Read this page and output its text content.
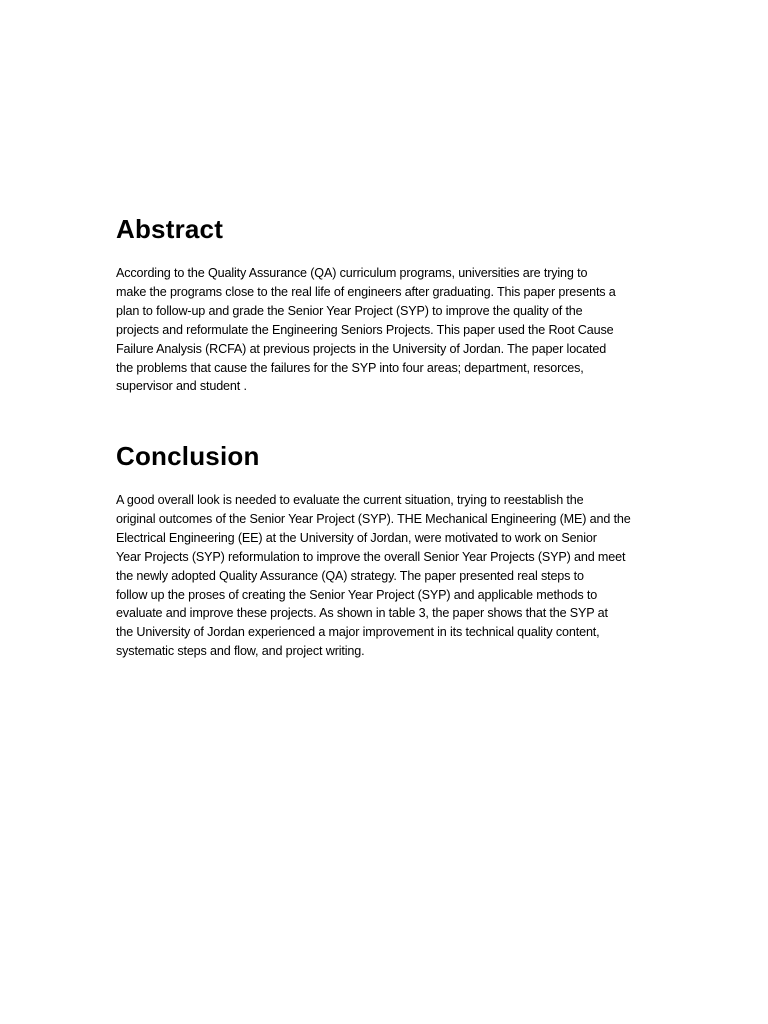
Abstract

According to the Quality Assurance (QA) curriculum programs, universities are trying to
make the programs close to the real life of engineers after graduating. This paper presents a
plan to follow-up and grade the Senior Year Project (SYP) to improve the quality of the
projects and reformulate the Engineering Seniors Projects. This paper used the Root Cause
Failure Analysis (RCFA) at previous projects in the University of Jordan. The paper located
the problems that cause the failures for the SYP into four areas; department, resorces,
supervisor and student .

Conclusion

A good overall look is needed to evaluate the current situation, trying to reestablish the
original outcomes of the Senior Year Project (SYP). THE Mechanical Engineering (ME) and the
Electrical Engineering (EE) at the University of Jordan, were motivated to work on Senior
Year Projects (SYP) reformulation to improve the overall Senior Year Projects (SYP) and meet
the newly adopted Quality Assurance (QA) strategy. The paper presented real steps to
follow up the proses of creating the Senior Year Project (SYP) and applicable methods to
evaluate and improve these projects. As shown in table 3, the paper shows that the SYP at
the University of Jordan experienced a major improvement in its technical quality content,
systematic steps and flow, and project writing.
